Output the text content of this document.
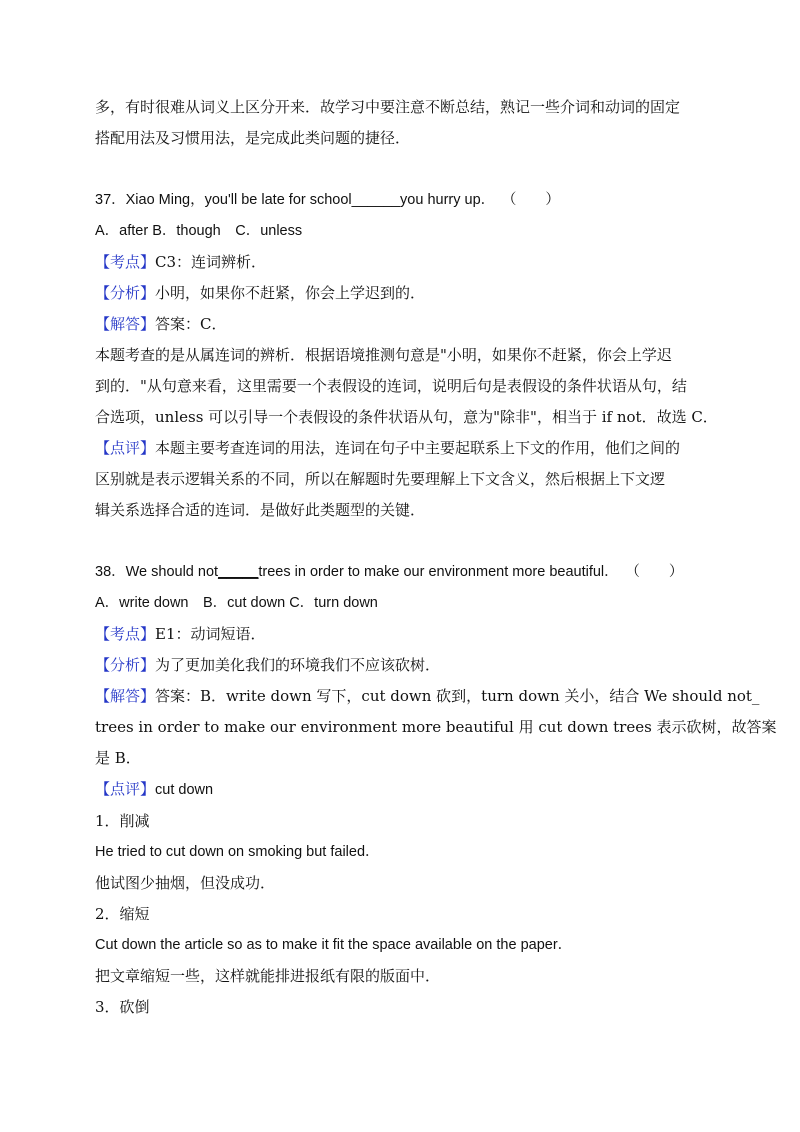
多，有时很难从词义上区分开来．故学习中要注意不断总结，熟记一些介词和动词的固定

搭配用法及习惯用法，是完成此类问题的捷径．

37．Xiao Ming，you'll be late for school______you hurry up． （　　）

A．after B．though　C．unless

【考点】C3：连词辨析．

【分析】小明，如果你不赶紧，你会上学迟到的．

【解答】答案：C．

本题考查的是从属连词的辨析．根据语境推测句意是"小明，如果你不赶紧，你会上学迟

到的．"从句意来看，这里需要一个表假设的连词，说明后句是表假设的条件状语从句，结

合选项，unless 可以引导一个表假设的条件状语从句，意为"除非"，相当于 if not．故选 C．

【点评】本题主要考查连词的用法，连词在句子中主要起联系上下文的作用，他们之间的

区别就是表示逻辑关系的不同，所以在解题时先要理解上下文含义，然后根据上下文逻

辑关系选择合适的连词．是做好此类题型的关键．

38．We should not_____trees in order to make our environment more beautiful． （　　）

A．write down　B．cut down C．turn down

【考点】E1：动词短语．

【分析】为了更加美化我们的环境我们不应该砍树．

【解答】答案：B．write down 写下，cut down 砍到，turn down 关小，结合 We should not_

trees in order to make our environment more beautiful 用 cut down trees 表示砍树，故答案

是 B．

【点评】cut down

1．削减

He tried to cut down on smoking but failed．

他试图少抽烟，但没成功．

2．缩短

Cut down the article so as to make it fit the space available on the paper．

把文章缩短一些，这样就能排进报纸有限的版面中．

3．砍倒
